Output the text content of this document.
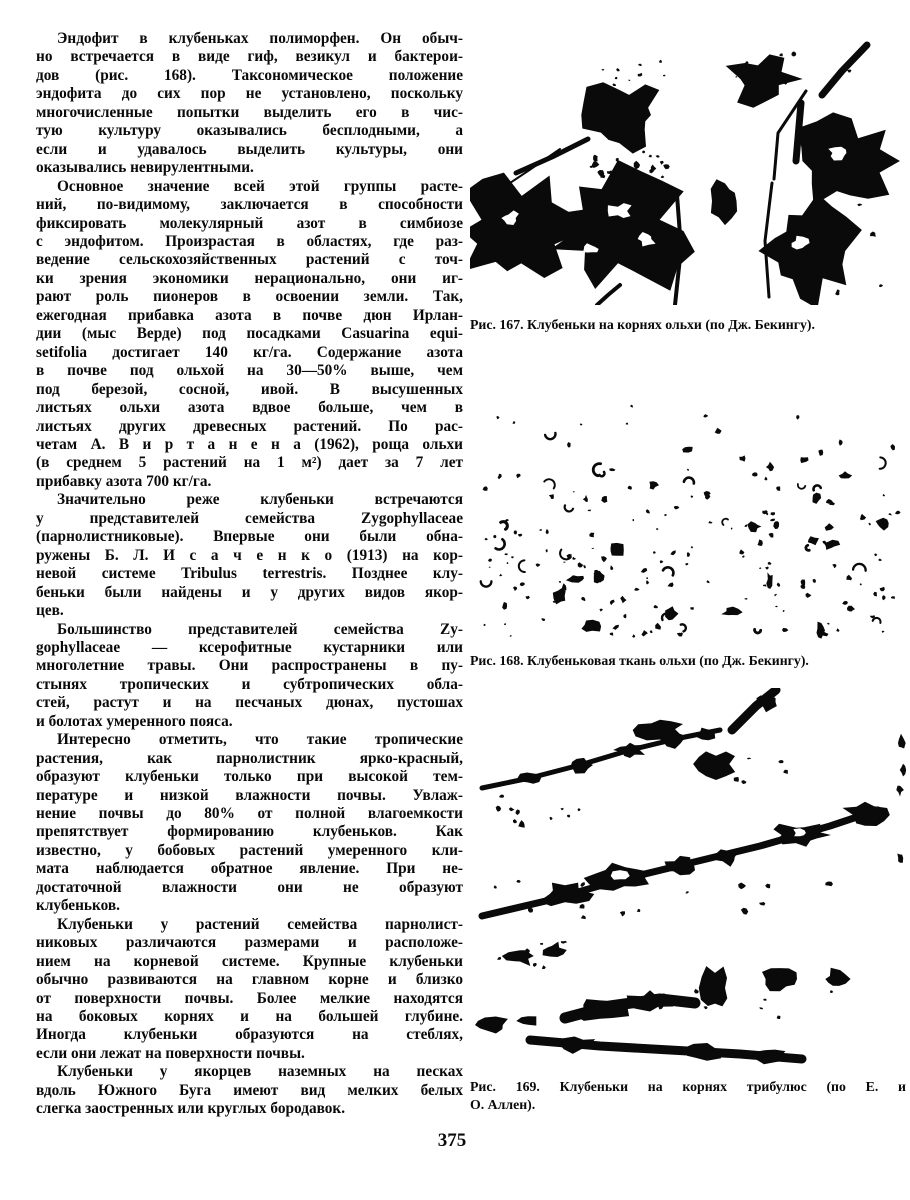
Эндофит в клубеньках полиморфен. Он обыч-
но встречается в виде гиф, везикул и бактерои-
дов (рис. 168). Таксономическое положение
эндофита до сих пор не установлено, поскольку
многочисленные попытки выделить его в чис-
тую культуру оказывались бесплодными, а
если и удавалось выделить культуры, они
оказывались невирулентными.

Основное значение всей этой группы расте-
ний, по-видимому, заключается в способности
фиксировать молекулярный азот в симбиозе
с эндофитом. Произрастая в областях, где раз-
ведение сельскохозяйственных растений с точ-
ки зрения экономики нерационально, они иг-
рают роль пионеров в освоении земли. Так,
ежегодная прибавка азота в почве дюн Ирлан-
дии (мыс Верде) под посадками Casuarina equi-
setifolia достигает 140 кг/га. Содержание азота
в почве под ольхой на 30—50% выше, чем
под березой, сосной, ивой. В высушенных
листьях ольхи азота вдвое больше, чем в
листьях других древесных растений. По рас-
четам А. В и р т а н е н а (1962), роща ольхи
(в среднем 5 растений на 1 м²) дает за 7 лет
прибавку азота 700 кг/га.

Значительно реже клубеньки встречаются
у представителей семейства Zygophyllaceae
(парнолистниковые). Впервые они были обна-
ружены Б. Л. И с а ч е н к о (1913) на кор-
невой системе Tribulus terrestris. Позднее клу-
беньки были найдены и у других видов якор-
цев.

Большинство представителей семейства Zy-
gophyllaceae — ксерофитные кустарники или
многолетние травы. Они распространены в пу-
стынях тропических и субтропических обла-
стей, растут и на песчаных дюнах, пустошах
и болотах умеренного пояса.

Интересно отметить, что такие тропические
растения, как парнолистник ярко-красный,
образуют клубеньки только при высокой тем-
пературе и низкой влажности почвы. Увлаж-
нение почвы до 80% от полной влагоемкости
препятствует формированию клубеньков. Как
известно, у бобовых растений умеренного кли-
мата наблюдается обратное явление. При не-
достаточной влажности они не образуют
клубеньков.

Клубеньки у растений семейства парнолист-
никовых различаются размерами и расположе-
нием на корневой системе. Крупные клубеньки
обычно развиваются на главном корне и близко
от поверхности почвы. Более мелкие находятся
на боковых корнях и на большей глубине.
Иногда клубеньки образуются на стеблях,
если они лежат на поверхности почвы.

Клубеньки у якорцев наземных на песках
вдоль Южного Буга имеют вид мелких белых
слегка заостренных или круглых бородавок.

Рис. 167. Клубеньки на корнях ольхи (по Дж. Бекингу).
Рис. 168. Клубеньковая ткань ольхи (по Дж. Бекингу).
Рис. 169. Клубеньки на корнях трибулюс (по Е. и
О. Аллен).
375
